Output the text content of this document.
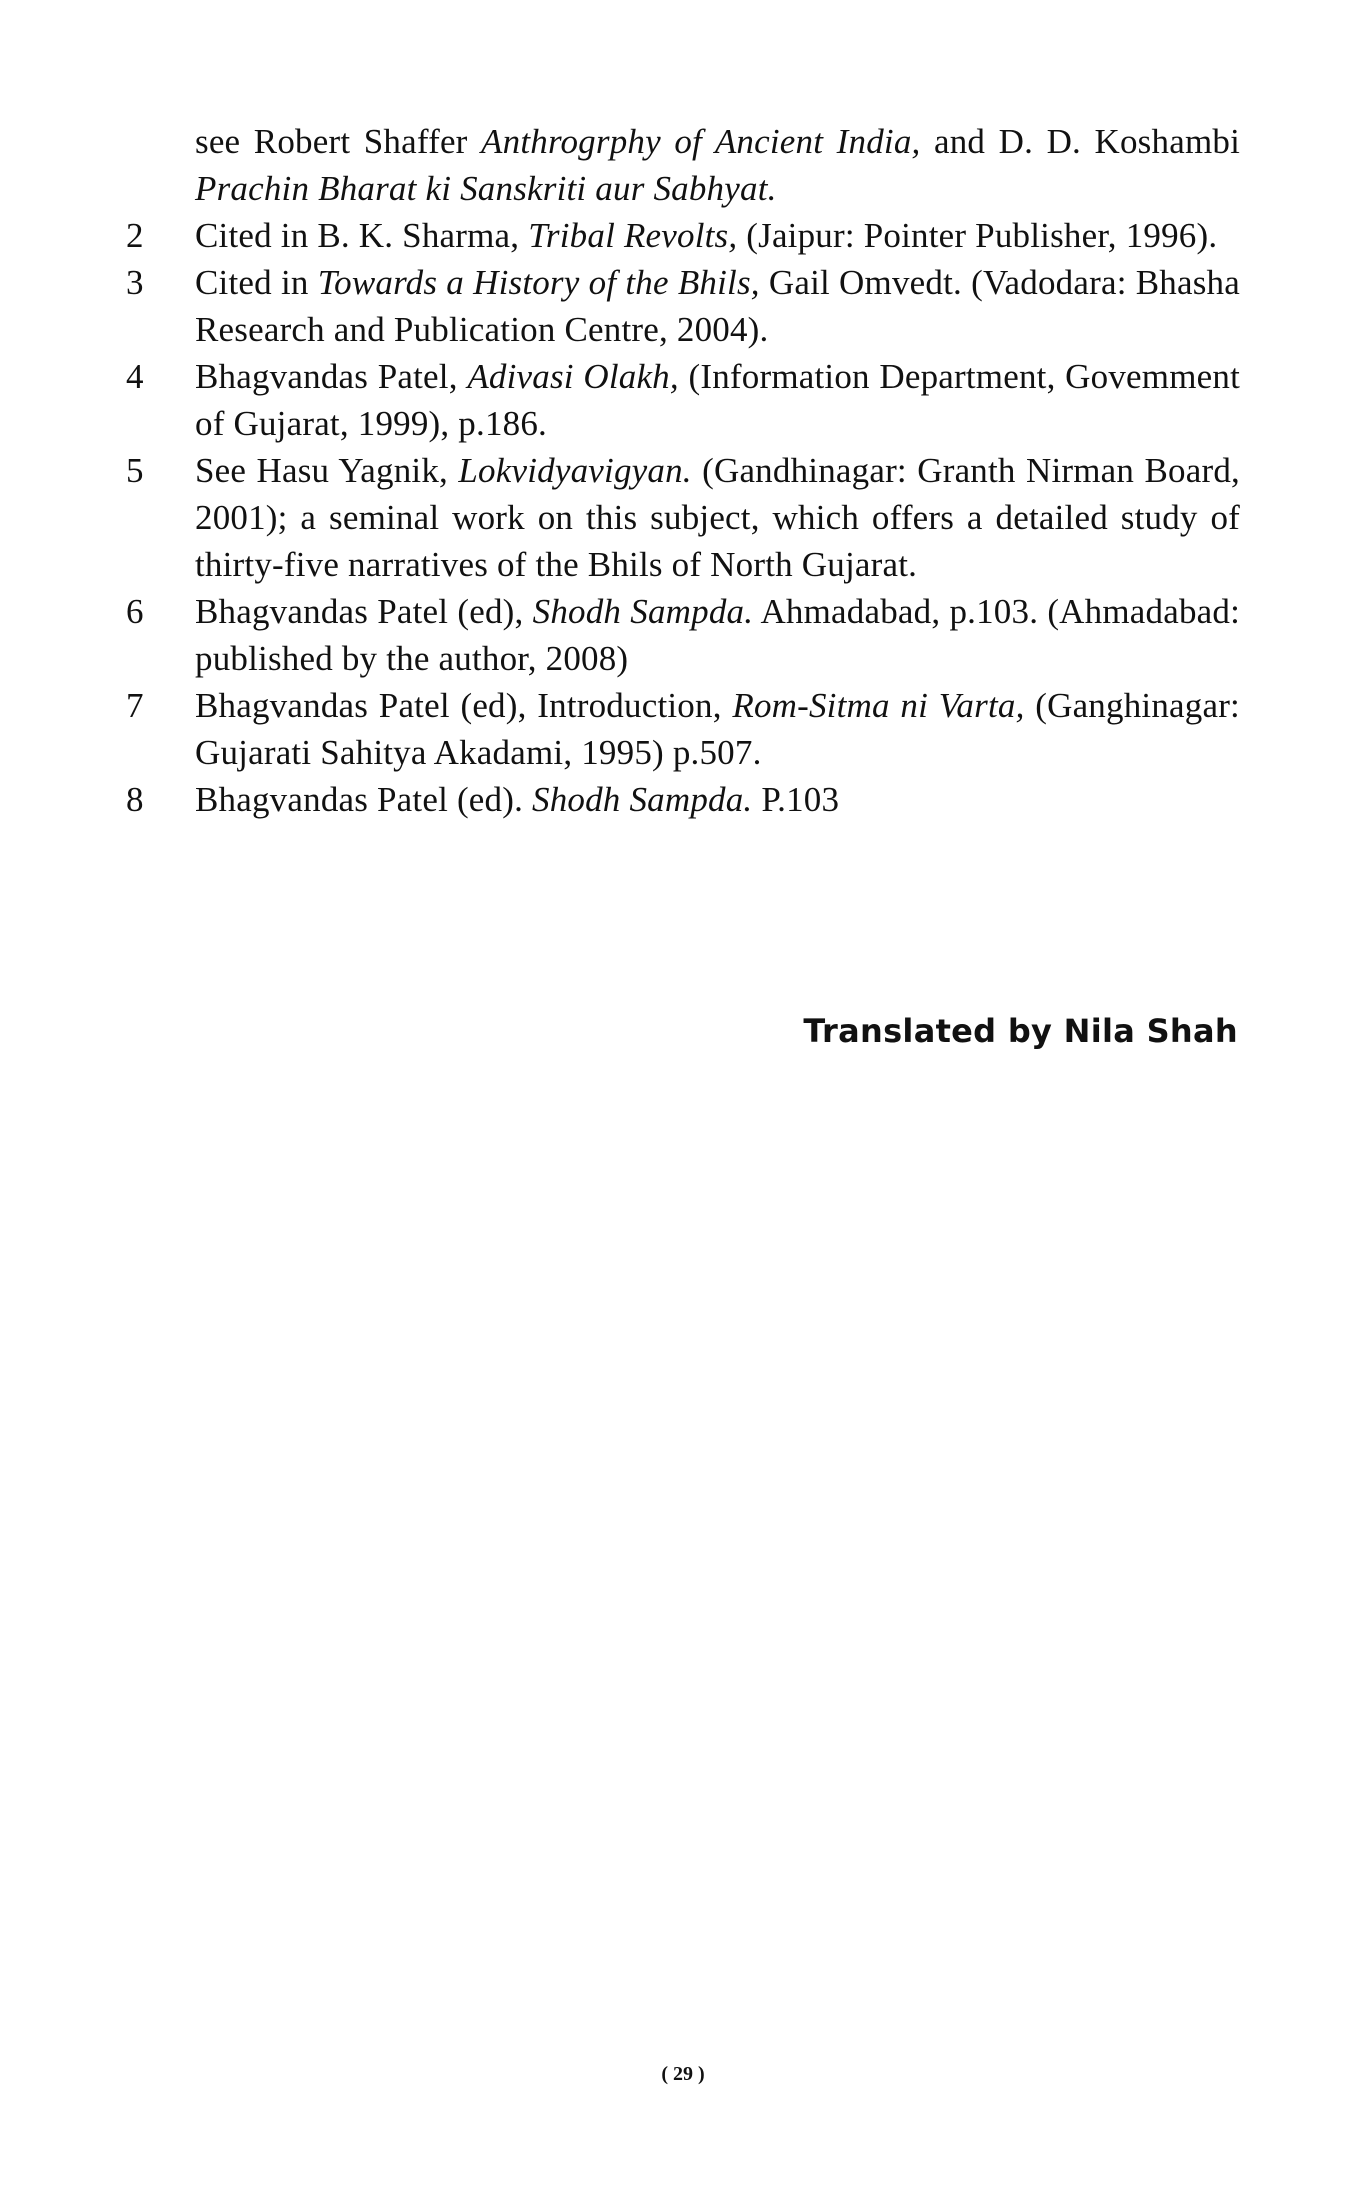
see Robert Shaffer Anthrogrphy of Ancient India, and D. D. Koshambi Prachin Bharat ki Sanskriti aur Sabhyat.
2	Cited in B. K. Sharma, Tribal Revolts, (Jaipur: Pointer Publisher, 1996).
3	Cited in Towards a History of the Bhils, Gail Omvedt. (Vadodara: Bhasha Research and Publication Centre, 2004).
4	Bhagvandas Patel, Adivasi Olakh, (Information Department, Govemment of Gujarat, 1999), p.186.
5	See Hasu Yagnik, Lokvidyavigyan. (Gandhinagar: Granth Nirman Board, 2001); a seminal work on this subject, which offers a detailed study of thirty-five narratives of the Bhils of North Gujarat.
6	Bhagvandas Patel (ed), Shodh Sampda. Ahmadabad, p.103. (Ahmadabad: published by the author, 2008)
7	Bhagvandas Patel (ed), Introduction, Rom-Sitma ni Varta, (Ganghinagar: Gujarati Sahitya Akadami, 1995) p.507.
8	Bhagvandas Patel (ed). Shodh Sampda. P.103
Translated by Nila Shah
( 29 )
